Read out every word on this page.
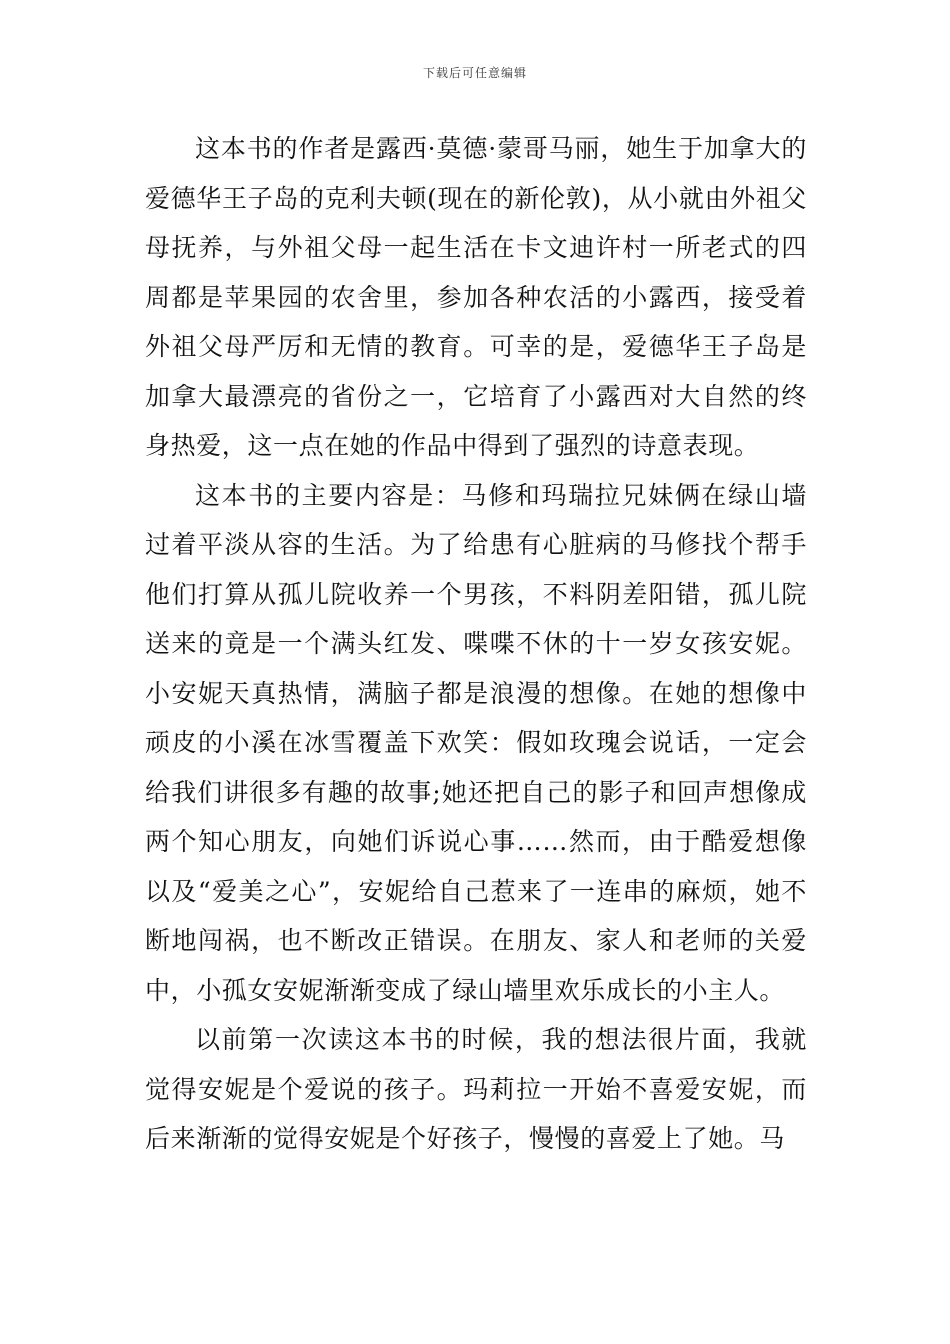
下载后可任意编辑

这本书的作者是露西·莫德·蒙哥马丽，她生于加拿大的爱德华王子岛的克利夫顿(现在的新伦敦)，从小就由外祖父母抚养，与外祖父母一起生活在卡文迪许村一所老式的四周都是苹果园的农舍里，参加各种农活的小露西，接受着外祖父母严厉和无情的教育。可幸的是，爱德华王子岛是加拿大最漂亮的省份之一，它培育了小露西对大自然的终身热爱，这一点在她的作品中得到了强烈的诗意表现。

这本书的主要内容是：马修和玛瑞拉兄妹俩在绿山墙过着平淡从容的生活。为了给患有心脏病的马修找个帮手他们打算从孤儿院收养一个男孩，不料阴差阳错，孤儿院送来的竟是一个满头红发、喋喋不休的十一岁女孩安妮。小安妮天真热情，满脑子都是浪漫的想像。在她的想像中顽皮的小溪在冰雪覆盖下欢笑：假如玫瑰会说话，一定会给我们讲很多有趣的故事;她还把自己的影子和回声想像成两个知心朋友，向她们诉说心事……然而，由于酷爱想像以及“爱美之心”，安妮给自己惹来了一连串的麻烦，她不断地闯祸，也不断改正错误。在朋友、家人和老师的关爱中，小孤女安妮渐渐变成了绿山墙里欢乐成长的小主人。

以前第一次读这本书的时候，我的想法很片面，我就觉得安妮是个爱说的孩子。玛莉拉一开始不喜爱安妮，而后来渐渐的觉得安妮是个好孩子，慢慢的喜爱上了她。马
